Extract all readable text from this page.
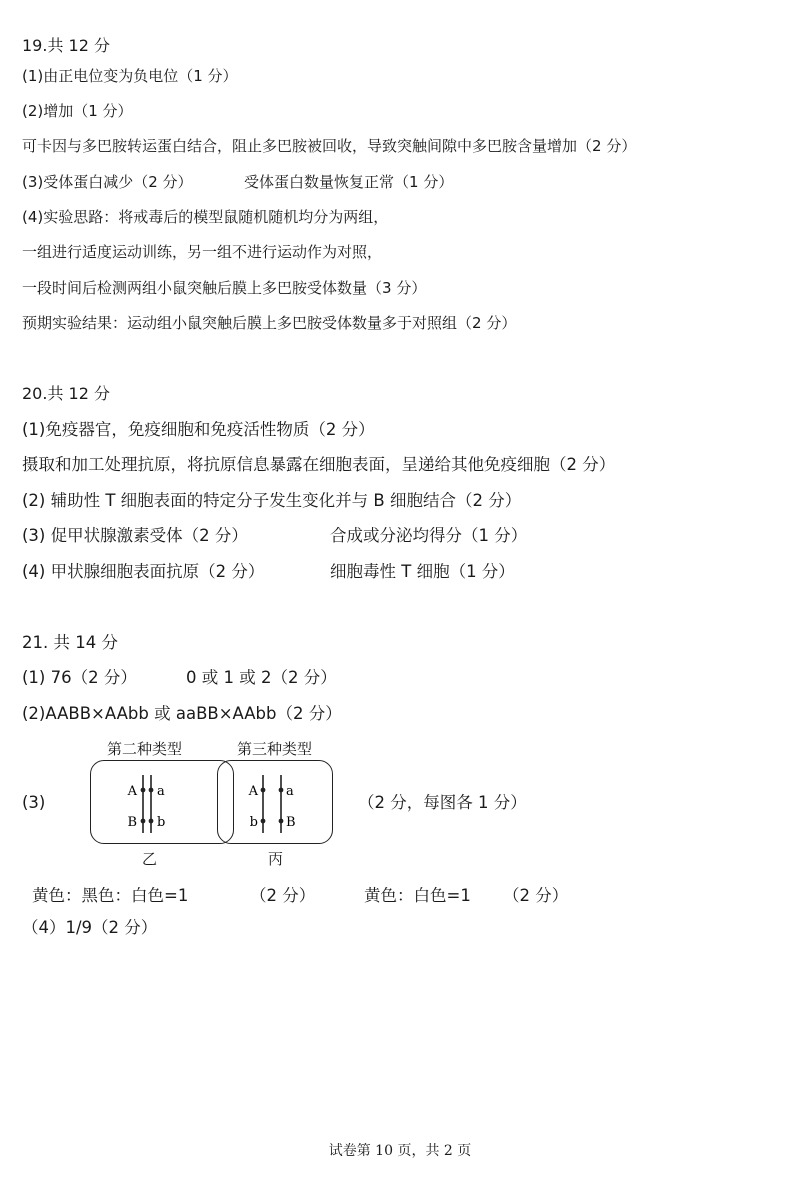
19.共 12 分
(1)由正电位变为负电位（1 分）
(2)增加（1 分）
可卡因与多巴胺转运蛋白结合，阻止多巴胺被回收，导致突触间隙中多巴胺含量增加（2 分）
(3)受体蛋白减少（2 分）	受体蛋白数量恢复正常（1 分）
(4)实验思路：将戒毒后的模型鼠随机随机均分为两组，
一组进行适度运动训练，另一组不进行运动作为对照，
一段时间后检测两组小鼠突触后膜上多巴胺受体数量（3 分）
预期实验结果：运动组小鼠突触后膜上多巴胺受体数量多于对照组（2 分）
20.共 12 分
(1)免疫器官，免疫细胞和免疫活性物质（2 分）
摄取和加工处理抗原，将抗原信息暴露在细胞表面，呈递给其他免疫细胞（2 分）
(2) 辅助性 T 细胞表面的特定分子发生变化并与 B 细胞结合（2 分）
(3) 促甲状腺激素受体（2 分）	合成或分泌均得分（1 分）
(4) 甲状腺细胞表面抗原（2 分）	细胞毒性 T 细胞（1 分）
21. 共 14 分
(1) 76（2 分）	0 或 1 或 2（2 分）
(2)AABB×AAbb 或 aaBB×AAbb（2 分）
(3)
第二种类型
A a
B b
乙
第三种类型
A a
b B
丙
（2 分，每图各 1 分）
黄色：黑色：白色=1	（2 分）	黄色：白色=1 （2 分）
（4）1/9（2 分）
试卷第 10 页，共 2 页
